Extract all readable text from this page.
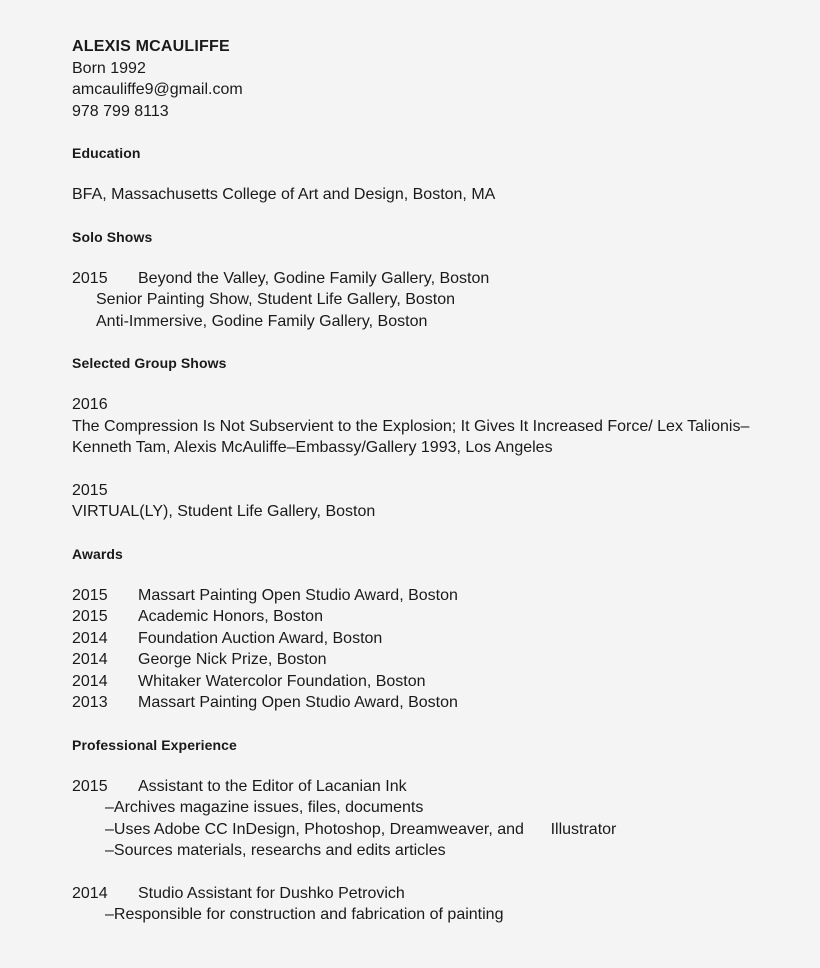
ALEXIS MCAULIFFE

Born 1992

amcauliffe9@gmail.com

978 799 8113

Education

BFA, Massachusetts College of Art and Design, Boston, MA

Solo Shows

2015	Beyond the Valley, Godine Family Gallery, Boston

Senior Painting Show, Student Life Gallery, Boston

Anti-Immersive, Godine Family Gallery, Boston

Selected Group Shows

2016

The Compression Is Not Subservient to the Explosion; It Gives It Increased Force/ Lex Talionis–Kenneth Tam, Alexis McAuliffe–Embassy/Gallery 1993, Los Angeles

2015

VIRTUAL(LY), Student Life Gallery, Boston

Awards

2015	Massart Painting Open Studio Award, Boston
2015	Academic Honors, Boston
2014	Foundation Auction Award, Boston
2014	George Nick Prize, Boston
2014	Whitaker Watercolor Foundation, Boston
2013	Massart Painting Open Studio Award, Boston

Professional Experience

2015	Assistant to the Editor of Lacanian Ink

–Archives magazine issues, files, documents

–Uses Adobe CC InDesign, Photoshop, Dreamweaver, and      Illustrator

–Sources materials, researchs and edits articles

2014	Studio Assistant for Dushko Petrovich

–Responsible for construction and fabrication of painting
